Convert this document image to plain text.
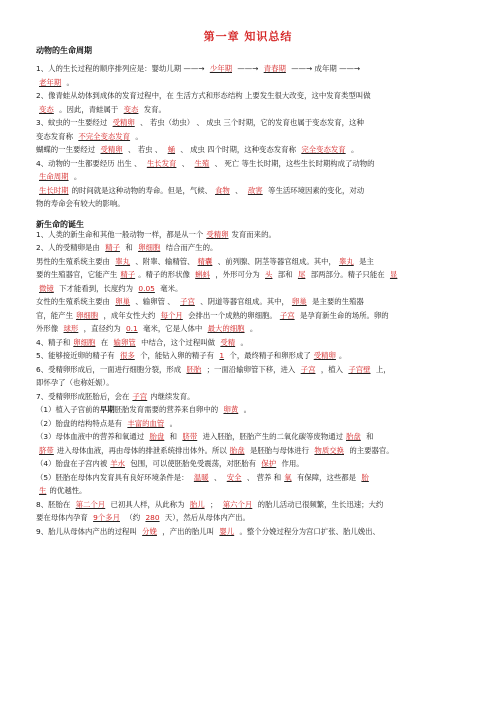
第一章 知识总结
动物的生命周期
新生命的诞生
1、人的生长过程的顺序排列应是：婴幼儿期 ——→ 少年期 ——→ 青春期 ——→ 成年期 ——→
老年期 。
2、像青蛙从幼体到成体的发育过程中，在 生活方式和形态结构 上要发生很大改变，这中发育类型叫做
变态 。因此，青蛙属于 变态 发育。
3、蚊虫的一生要经过 受精卵 、 若虫（幼虫） 、 成虫 三个时期，它的发育也属于变态发育，这种
变态发育称 不完全变态发育 。
蝴蝶的一生要经过 受精卵 、 若虫 、 蛹 、 成虫 四个时期，这种变态发育称 完全变态发育 。
4、动物的一生都要经历 出生 、 生长发育 、 生殖 、 死亡 等生长时期，这些生长时期构成了动物的
生命周期 。
生长时期 的时间就是这种动物的寿命。但是，气候、 食物 、 敌害 等生活环境因素的变化，对动
物的寿命会有较大的影响。
1、人类的新生命和其他一般动物一样，都是从一个 受精卵 发育而来的。
2、人的受精卵是由 精子 和 卵细胞 结合而产生的。
男性的生殖系统主要由 睾丸 、附睾、输精管、 精囊 、前列腺、阴茎等器官组成。其中， 睾丸 是主
要的生殖器官，它能产生 精子 。精子的形状像 蝌蚪 ，外形可分为 头 部和 尾 部两部分。精子只能在 显
微镜 下才能看到，长度约为 0.05 毫米。
女性的生殖系统主要由 卵巢 、输卵管 、 子宫 、阴道等器官组成。其中， 卵巢 是主要的生殖器
官，能产生 卵细胞 ，成年女性大约 每个月 会排出一个成熟的卵细胞。 子宫 是孕育新生命的场所。卵的
外形像 球形 ，直径约为 0.1 毫米，它是人体中 最大的细胞 。
4、精子和 卵细胞 在 输卵管 中结合，这个过程叫做 受精 。
5、能够接近卵的精子有 很多 个，能钻入卵的精子有 1 个，最终精子和卵形成了 受精卵 。
6、受精卵形成后，一面进行细胞分裂，形成 胚胎 ；一面沿输卵管下移，进入 子宫 ，植入 子宫壁 上，
即怀孕了（也称妊娠）。
7、受精卵形成胚胎后，会在 子宫 内继续发育。
（1）植入子宫前的早期胚胎发育需要的营养来自卵中的 卵黄 。
（2）胎盘的结构特点是有 丰富的血管 。
（3）母体血液中的营养和氧通过 胎盘 和 脐带 进入胚胎，胚胎产生的二氧化碳等废物通过 胎盘 和
脐带 进入母体血液，再由母体的排泄系统排出体外。所以 胎盘 是胚胎与母体进行 物质交换 的主要器官。
（4）胎盘在子宫内被 羊水 包围，可以使胚胎免受震荡，对胚胎有 保护 作用。
（5）胚胎在母体内发育具有良好环境条件是： 温暖 、 安全 、 营养 和 氧 有保障，这些都是 胎
生 的优越性。
8、胚胎在 第二个月 已初具人样，从此称为 胎儿 ； 第六个月 的胎儿活动已很频繁，生长迅速；大约
要在母体内孕育 9个多月 （约 280 天），然后从母体内产出。
9、胎儿从母体内产出的过程叫 分娩 ，产出的胎儿叫 婴儿 。整个分娩过程分为宫口扩张、胎儿娩出、
